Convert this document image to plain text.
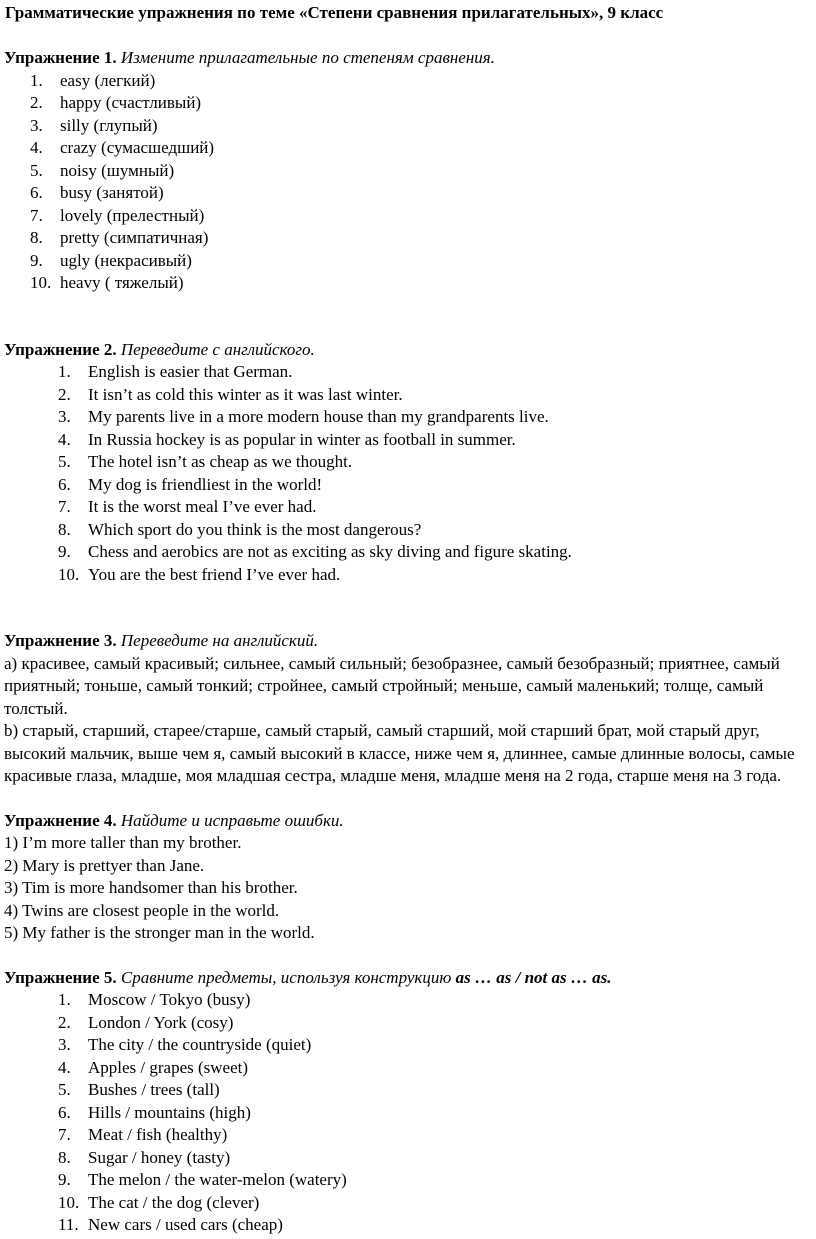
Грамматические упражнения по теме «Степени сравнения прилагательных», 9 класс

Упражнение 1. Измените прилагательные по степеням сравнения.

1.	easy (легкий)
2.	happy (счастливый)
3.	silly (глупый)
4.	crazy (сумасшедший)
5.	noisy (шумный)
6.	busy (занятой)
7.	lovely (прелестный)
8.	pretty (симпатичная)
9.	ugly (некрасивый)
10. heavy ( тяжелый)

Упражнение 2. Переведите с английского.

1. English is easier that German.
2. It isn’t as cold this winter as it was last winter.
3. My parents live in a more modern house than my grandparents live.
4. In Russia hockey is as popular in winter as football in summer.
5. The hotel isn’t as cheap as we thought.
6. My dog is friendliest in the world!
7. It is the worst meal I’ve ever had.
8. Which sport do you think is the most dangerous?
9. Chess and aerobics are not as exciting as sky diving and figure skating.
10. You are the best friend I’ve ever had.

Упражнение 3. Переведите на английский.

a) красивее, самый красивый; сильнее, самый сильный; безобразнее, самый безобразный; приятнее, самый приятный; тоньше, самый тонкий; стройнее, самый стройный; меньше, самый маленький; толще, самый толстый.

b) старый, старший, старее/старше, самый старый, самый старший, мой старший брат, мой старый друг, высокий мальчик, выше чем я, самый высокий в классе, ниже чем я, длиннее, самые длинные волосы, самые красивые глаза, младше, моя младшая сестра, младше меня, младше меня на 2 года, старше меня на 3 года.

Упражнение 4. Найдите и исправьте ошибки.

1) I’m more taller than my brother.

2) Mary is prettyer than Jane.

3) Tim is more handsomer than his brother.

4) Twins are closest people in the world.

5) My father is the stronger man in the world.

Упражнение 5. Сравните предметы, используя конструкцию as … as / not as … as.

1. Moscow / Tokyo (busy)
2. London / York (cosy)
3. The city / the countryside (quiet)
4. Apples / grapes (sweet)
5. Bushes / trees (tall)
6. Hills / mountains (high)
7. Meat / fish (healthy)
8. Sugar / honey (tasty)
9. The melon / the water-melon (watery)
10. The cat / the dog (clever)
11. New cars / used cars (cheap)
